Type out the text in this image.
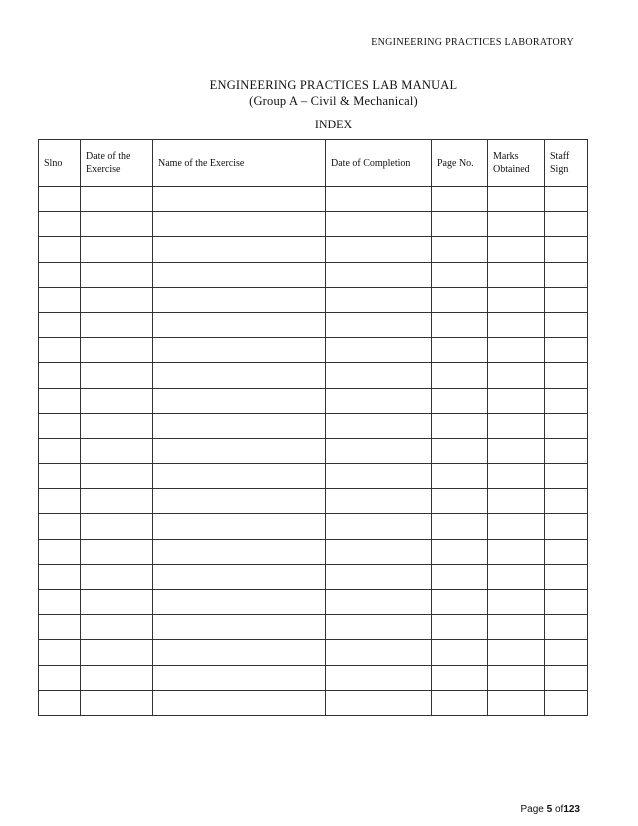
ENGINEERING PRACTICES LABORATORY
ENGINEERING PRACTICES LAB MANUAL
(Group A – Civil & Mechanical)
INDEX
Slno	Date of the Exercise	Name of the Exercise	Date of Completion	Page No.	Marks Obtained	Staff Sign

Page 5 of123
